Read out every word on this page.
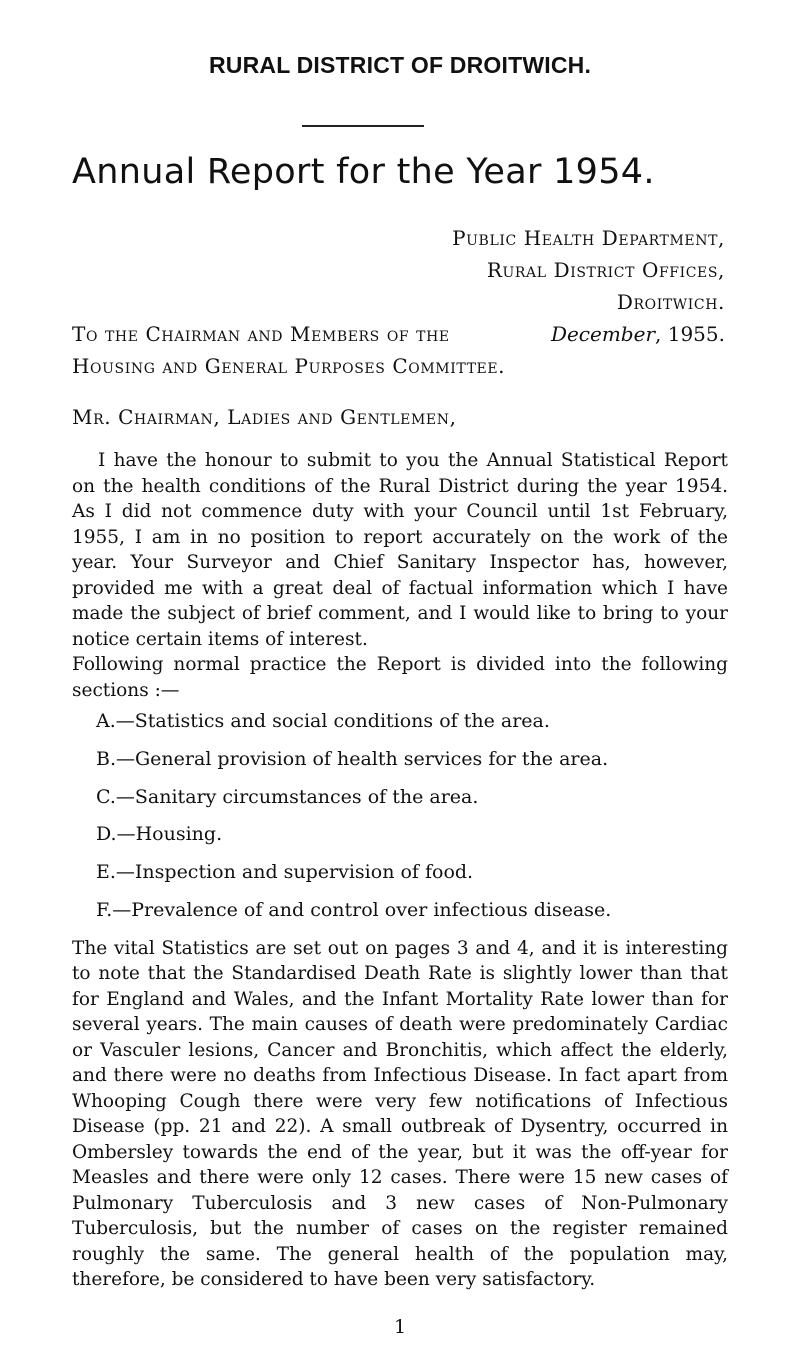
RURAL DISTRICT OF DROITWICH.
Annual Report for the Year 1954.
Public Health Department,
Rural District Offices,
Droitwich.
December, 1955.
To the Chairman and Members of the
Housing and General Purposes Committee.
Mr. Chairman, Ladies and Gentlemen,

I have the honour to submit to you the Annual Statistical Report on the health conditions of the Rural District during the year 1954. As I did not commence duty with your Council until 1st February, 1955, I am in no position to report accurately on the work of the year. Your Surveyor and Chief Sanitary Inspector has, however, provided me with a great deal of factual information which I have made the subject of brief comment, and I would like to bring to your notice certain items of interest.

Following normal practice the Report is divided into the following sections :—

A.—Statistics and social conditions of the area.
B.—General provision of health services for the area.
C.—Sanitary circumstances of the area.
D.—Housing.
E.—Inspection and supervision of food.
F.—Prevalence of and control over infectious disease.

The vital Statistics are set out on pages 3 and 4, and it is interesting to note that the Standardised Death Rate is slightly lower than that for England and Wales, and the Infant Mortality Rate lower than for several years. The main causes of death were predominately Cardiac or Vasculer lesions, Cancer and Bronchitis, which affect the elderly, and there were no deaths from Infectious Disease. In fact apart from Whooping Cough there were very few notifications of Infectious Disease (pp. 21 and 22). A small outbreak of Dysentry, occurred in Ombersley towards the end of the year, but it was the off-year for Measles and there were only 12 cases. There were 15 new cases of Pulmonary Tuberculosis and 3 new cases of Non-Pulmonary Tuberculosis, but the number of cases on the register remained roughly the same. The general health of the population may, therefore, be considered to have been very satisfactory.

1
